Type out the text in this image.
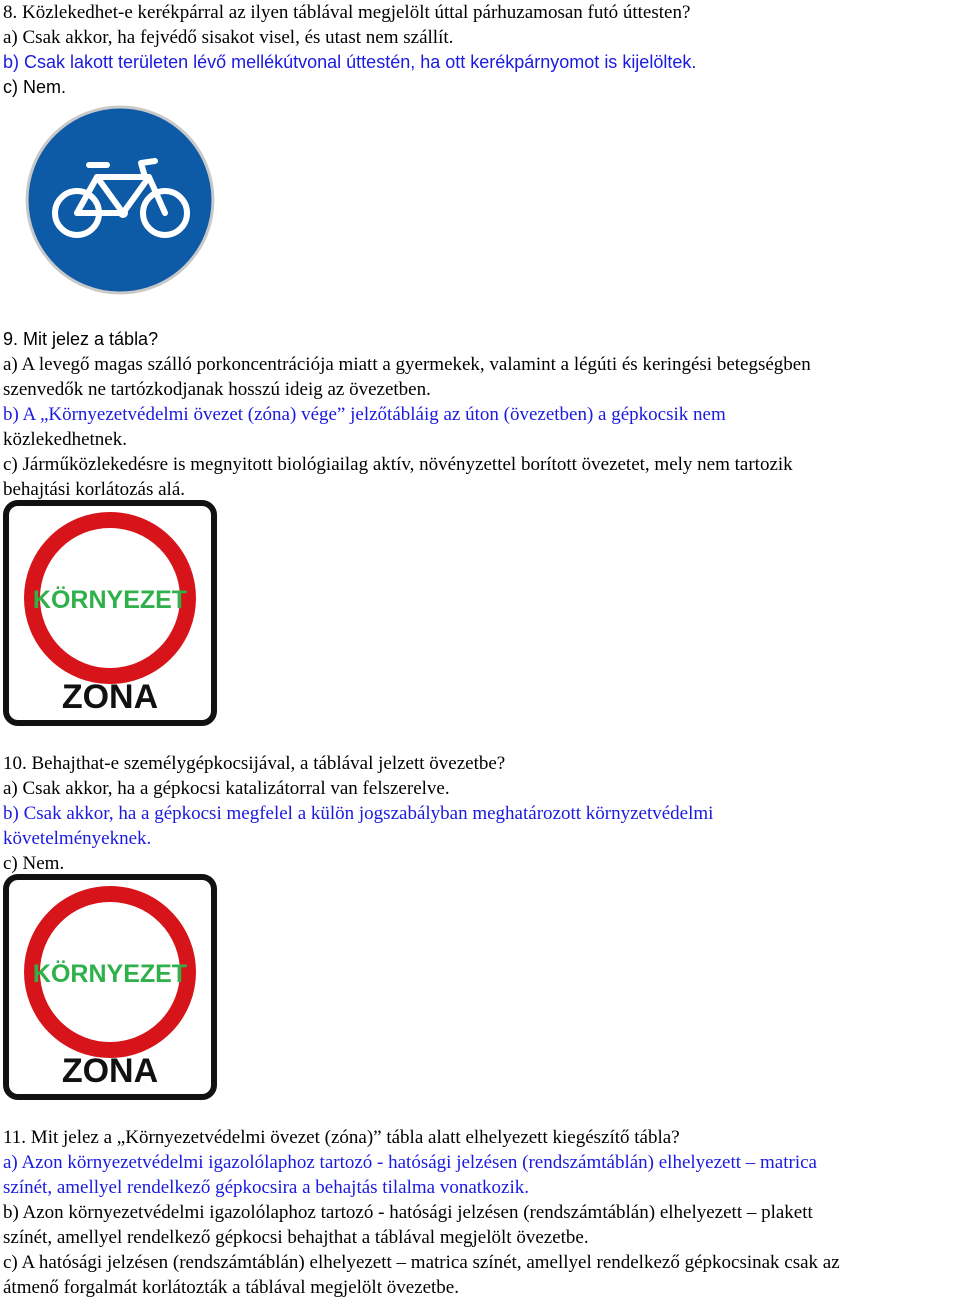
8. Közlekedhet-e kerékpárral az ilyen táblával megjelölt úttal párhuzamosan futó úttesten?
a) Csak akkor, ha fejvédő sisakot visel, és utast nem szállít.
b) Csak lakott területen lévő mellékútvonal úttestén, ha ott kerékpárnyomot is kijelöltek.
c) Nem.
9. Mit jelez a tábla?
a) A levegő magas szálló porkoncentrációja miatt a gyermekek, valamint a légúti és keringési betegségben
szenvedők ne tartózkodjanak hosszú ideig az övezetben.
b) A „Környezetvédelmi övezet (zóna) vége” jelzőtábláig az úton (övezetben) a gépkocsik nem
közlekedhetnek.
c) Járműközlekedésre is megnyitott biológiailag aktív, növényzettel borított övezetet, mely nem tartozik
behajtási korlátozás alá.
KÖRNYEZET
ZONA
10. Behajthat-e személygépkocsijával, a táblával jelzett övezetbe?
a) Csak akkor, ha a gépkocsi katalizátorral van felszerelve.
b) Csak akkor, ha a gépkocsi megfelel a külön jogszabályban meghatározott környzetvédelmi
követelményeknek.
c) Nem.
KÖRNYEZET
ZONA
11. Mit jelez a „Környezetvédelmi övezet (zóna)” tábla alatt elhelyezett kiegészítő tábla?
a) Azon környezetvédelmi igazolólaphoz tartozó - hatósági jelzésen (rendszámtáblán) elhelyezett – matrica
színét, amellyel rendelkező gépkocsira a behajtás tilalma vonatkozik.
b) Azon környezetvédelmi igazolólaphoz tartozó - hatósági jelzésen (rendszámtáblán) elhelyezett – plakett
színét, amellyel rendelkező gépkocsi behajthat a táblával megjelölt övezetbe.
c) A hatósági jelzésen (rendszámtáblán) elhelyezett – matrica színét, amellyel rendelkező gépkocsinak csak az
átmenő forgalmát korlátozták a táblával megjelölt övezetbe.
